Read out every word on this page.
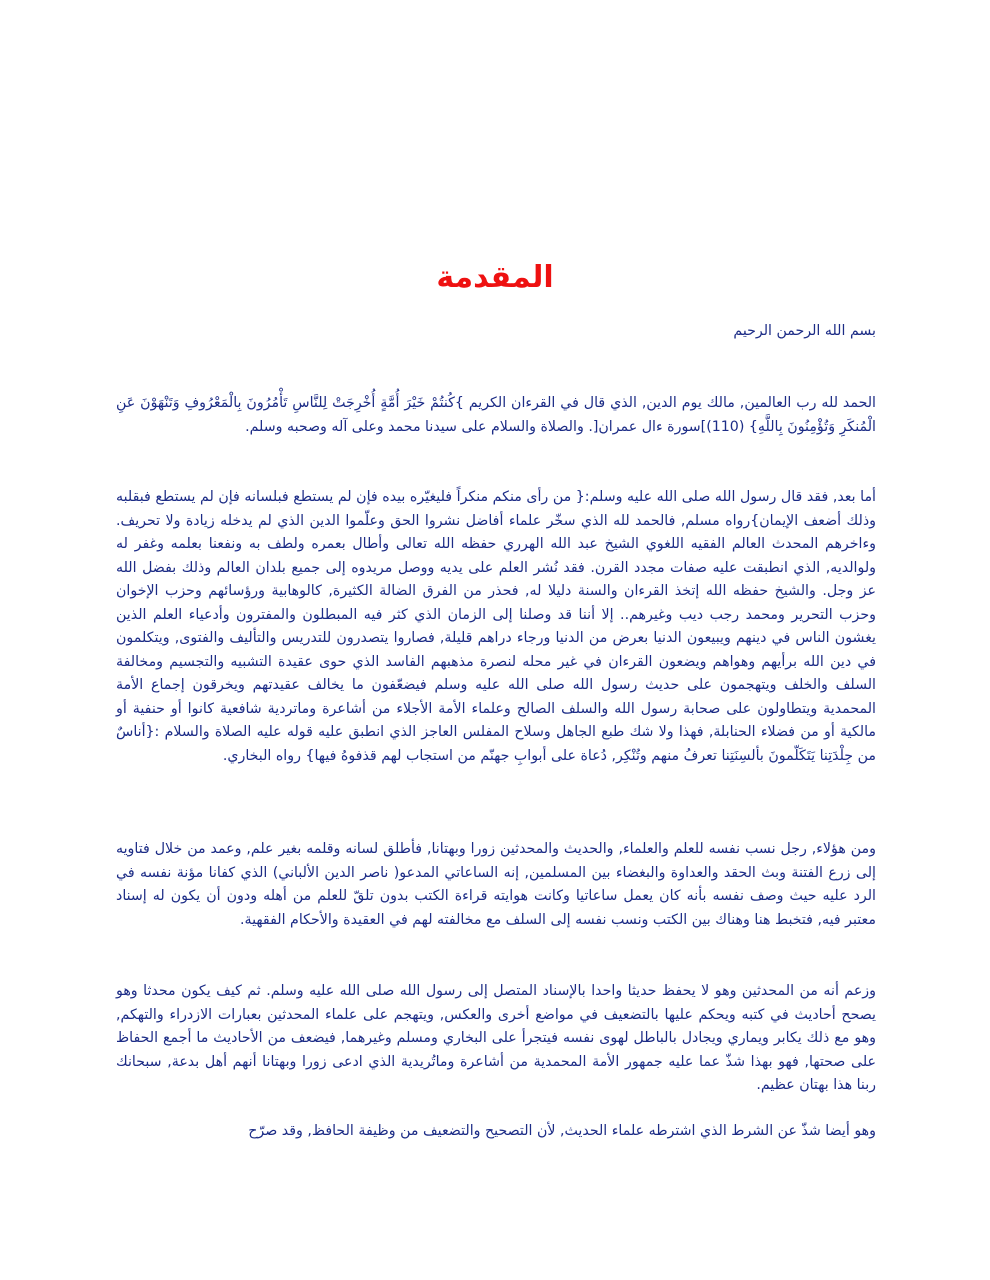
المقدمة
بسم الله الرحمن الرحيم
الحمد لله رب العالمين, مالك يوم الدين, الذي قال في القرءان الكريم }كُنتُمْ خَيْرَ أُمَّةٍ أُخْرِجَتْ لِلنَّاسِ تَأْمُرُونَ بِالْمَعْرُوفِ وَتَنْهَوْنَ عَنِ الْمُنكَرِ وَتُؤْمِنُونَ بِاللَّهِ} (110)]سورة ءال عمران[. والصلاة والسلام على سيدنا محمد وعلى آله وصحبه وسلم.
أما بعد, فقد قال رسول الله صلى الله عليه وسلم:{ من رأى منكم منكراً فليغيّره بيده فإن لم يستطع فبلسانه فإن لم يستطع فبقلبه وذلك أضعف الإيمان}رواه مسلم, فالحمد لله الذي سخّر علماء أفاضل نشروا الحق وعلّموا الدين الذي لم يدخله زيادة ولا تحريف. وءاخرهم المحدث العالم الفقيه اللغوي الشيخ عبد الله الهرري حفظه الله تعالى وأطال بعمره ولطف به ونفعنا بعلمه وغفر له ولوالديه, الذي انطبقت عليه صفات مجدد القرن. فقد نُشر العلم على يديه ووصل مريدوه إلى جميع بلدان العالم وذلك بفضل الله عز وجل. والشيخ حفظه الله إتخذ القرءان والسنة دليلا له, فحذر من الفرق الضالة الكثيرة, كالوهابية ورؤسائهم وحزب الإخوان وحزب التحرير ومحمد رجب ديب وغيرهم.. إلا أننا قد وصلنا إلى الزمان الذي كثر فيه المبطلون والمفترون وأدعياء العلم الذين يغشون الناس في دينهم ويبيعون الدنيا بعرض من الدنيا ورجاء دراهم قليلة, فصاروا يتصدرون للتدريس والتأليف والفتوى, ويتكلمون في دين الله برأيهم وهواهم ويضعون القرءان في غير محله لنصرة مذهبهم الفاسد الذي حوى عقيدة التشبيه والتجسيم ومخالفة السلف والخلف ويتهجمون على حديث رسول الله صلى الله عليه وسلم فيضعّفون ما يخالف عقيدتهم ويخرقون إجماع الأمة المحمدية ويتطاولون على صحابة رسول الله والسلف الصالح وعلماء الأمة الأجلاء من أشاعرة وماتردية شافعية كانوا أو حنفية أو مالكية أو من فضلاء الحنابلة, فهذا ولا شك طبع الجاهل وسلاح المفلس العاجز الذي انطبق عليه قوله عليه الصلاة والسلام :{أناسٌ من جِلْدَتِنا يَتَكَلّمونَ بألسِنَتِنا تعرفُ منهم وتُنْكِر, دُعاة على أبوابِ جهنّم من استجاب لهم قذفوهُ فيها} رواه البخاري.
ومن هؤلاء, رجل نسب نفسه للعلم والعلماء, والحديث والمحدثين زورا وبهتانا, فأطلق لسانه وقلمه بغير علم, وعمد من خلال فتاويه إلى زرع الفتنة وبث الحقد والعداوة والبغضاء بين المسلمين, إنه الساعاتي المدعو( ناصر الدين الألباني) الذي كفانا مؤنة نفسه في الرد عليه حيث وصف نفسه بأنه كان يعمل ساعاتيا وكانت هوايته قراءة الكتب بدون تلقّ للعلم من أهله ودون أن يكون له إسناد معتبر فيه, فتخبط هنا وهناك بين الكتب ونسب نفسه إلى السلف مع مخالفته لهم في العقيدة والأحكام الفقهية.
وزعم أنه من المحدثين وهو لا يحفظ حديثا واحدا بالإسناد المتصل إلى رسول الله صلى الله عليه وسلم. ثم كيف يكون محدثا وهو يصحح أحاديث في كتبه ويحكم عليها بالتضعيف في مواضع أخرى والعكس, ويتهجم على علماء المحدثين بعبارات الازدراء والتهكم, وهو مع ذلك يكابر ويماري ويجادل بالباطل لهوى نفسه فيتجرأ على البخاري ومسلم وغيرهما, فيضعف من الأحاديث ما أجمع الحفاظ على صحتها, فهو بهذا شذّ عما عليه جمهور الأمة المحمدية من أشاعرة وماتُريدية الذي ادعى زورا وبهتانا أنهم أهل بدعة, سبحانك ربنا هذا بهتان عظيم.
وهو أيضا شذّ عن الشرط الذي اشترطه علماء الحديث, لأن التصحيح والتضعيف من وظيفة الحافظ, وقد صرّح
